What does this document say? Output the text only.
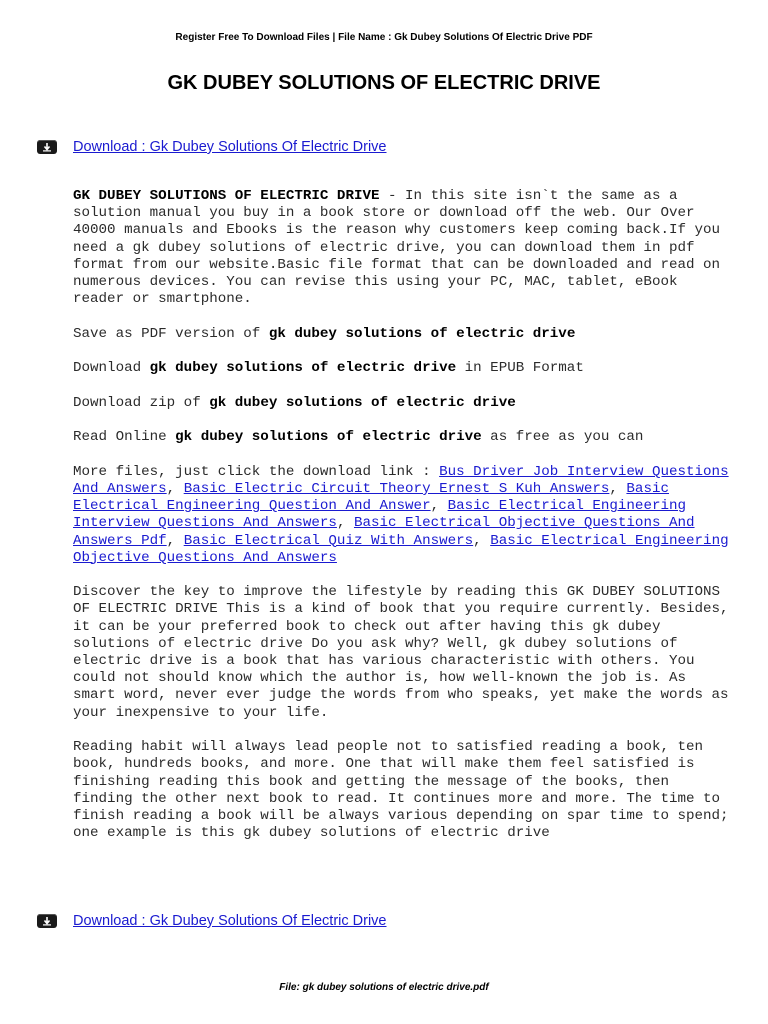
Register Free To Download Files | File Name : Gk Dubey Solutions Of Electric Drive PDF
GK DUBEY SOLUTIONS OF ELECTRIC DRIVE
Download : Gk Dubey Solutions Of Electric Drive

GK DUBEY SOLUTIONS OF ELECTRIC DRIVE - In this site isn`t the same as a solution manual you buy in a book store or download off the web. Our Over 40000 manuals and Ebooks is the reason why customers keep coming back.If you need a gk dubey solutions of electric drive, you can download them in pdf format from our website.Basic file format that can be downloaded and read on numerous devices. You can revise this using your PC, MAC, tablet, eBook reader or smartphone.

Save as PDF version of gk dubey solutions of electric drive

Download gk dubey solutions of electric drive in EPUB Format

Download zip of gk dubey solutions of electric drive

Read Online gk dubey solutions of electric drive as free as you can

More files, just click the download link : Bus Driver Job Interview Questions And Answers, Basic Electric Circuit Theory Ernest S Kuh Answers, Basic Electrical Engineering Question And Answer, Basic Electrical Engineering Interview Questions And Answers, Basic Electrical Objective Questions And Answers Pdf, Basic Electrical Quiz With Answers, Basic Electrical Engineering Objective Questions And Answers

Discover the key to improve the lifestyle by reading this GK DUBEY SOLUTIONS OF ELECTRIC DRIVE This is a kind of book that you require currently. Besides, it can be your preferred book to check out after having this gk dubey solutions of electric drive Do you ask why? Well, gk dubey solutions of electric drive is a book that has various characteristic with others. You could not should know which the author is, how well-known the job is. As smart word, never ever judge the words from who speaks, yet make the words as your inexpensive to your life.

Reading habit will always lead people not to satisfied reading a book, ten book, hundreds books, and more. One that will make them feel satisfied is finishing reading this book and getting the message of the books, then finding the other next book to read. It continues more and more. The time to finish reading a book will be always various depending on spar time to spend; one example is this gk dubey solutions of electric drive

Download : Gk Dubey Solutions Of Electric Drive
File: gk dubey solutions of electric drive.pdf
